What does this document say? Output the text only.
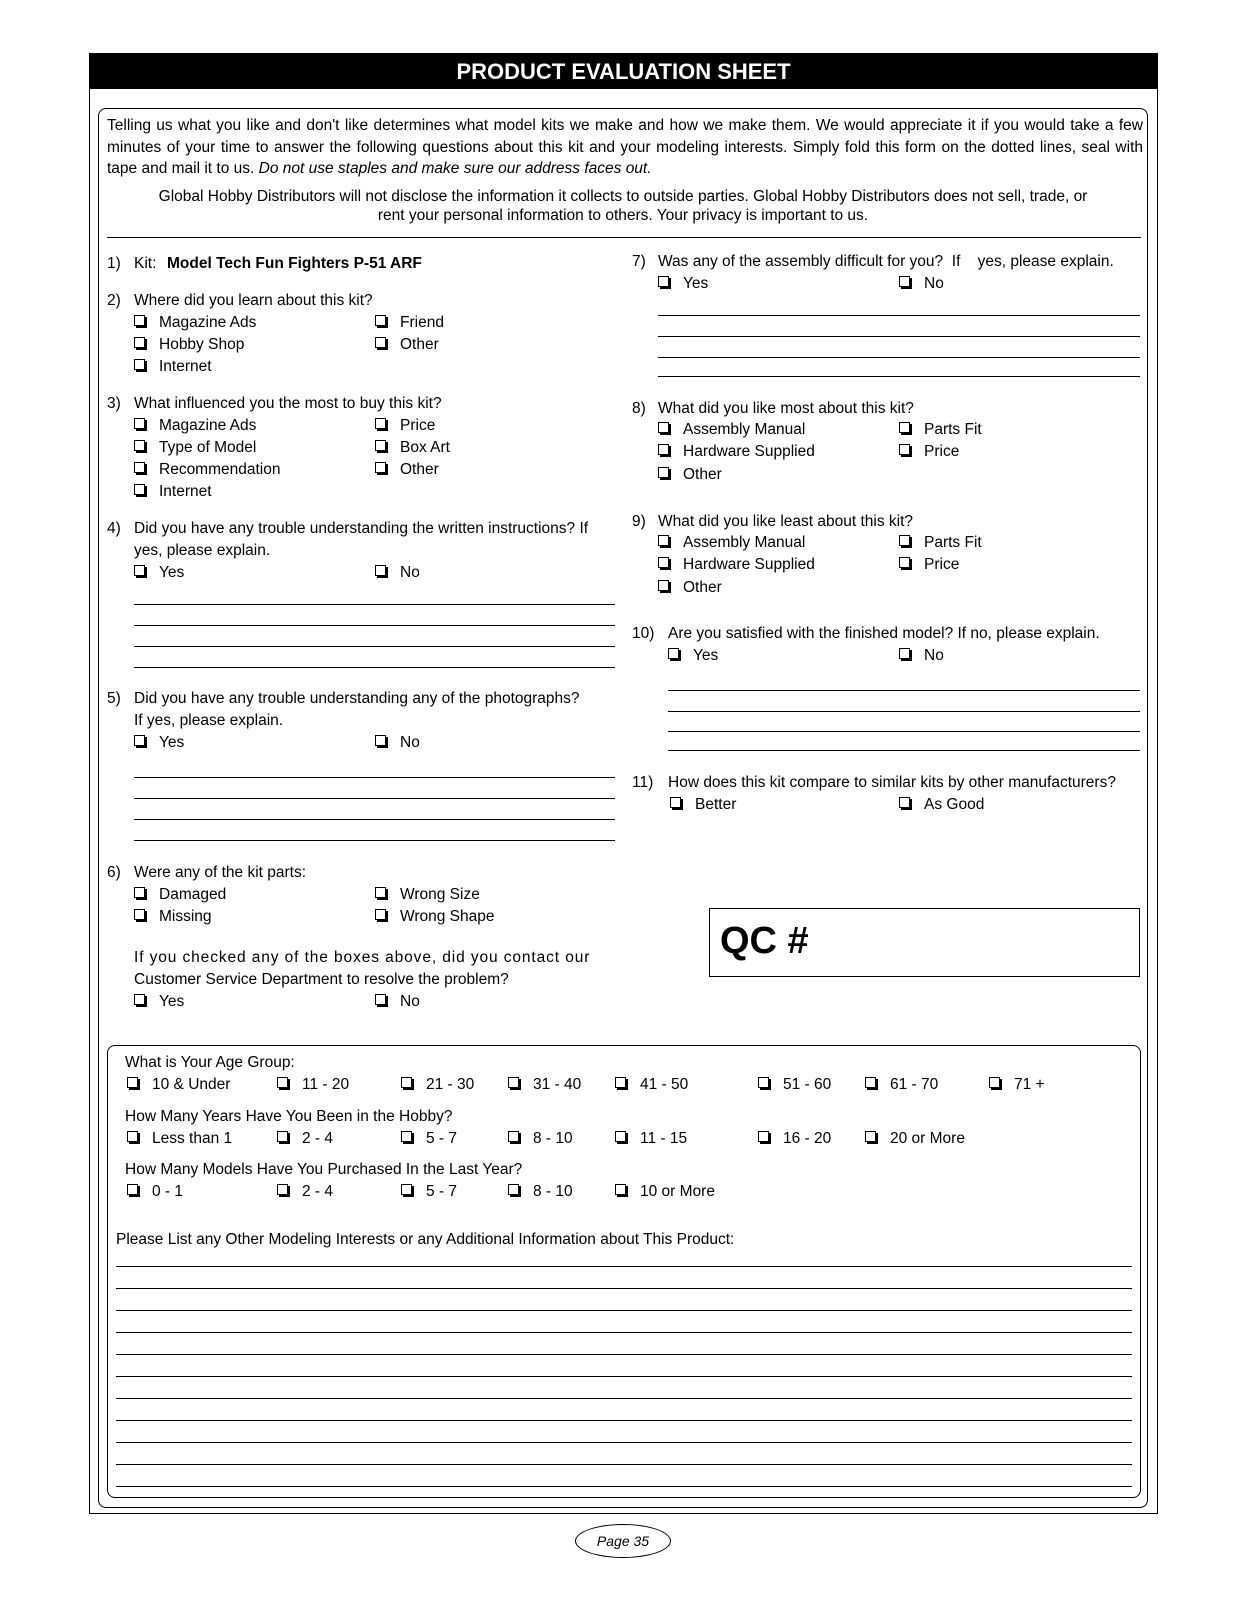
PRODUCT EVALUATION SHEET
Telling us what you like and don't like determines what model kits we make and how we make them. We would appreciate it if you would take a few minutes of your time to answer the following questions about this kit and your modeling interests. Simply fold this form on the dotted lines, seal with tape and mail it to us. Do not use staples and make sure our address faces out.
Global Hobby Distributors will not disclose the information it collects to outside parties. Global Hobby Distributors does not sell, trade, or rent your personal information to others. Your privacy is important to us.
1) Kit: Model Tech Fun Fighters P-51 ARF
2) Where did you learn about this kit?
Magazine Ads	Friend
Hobby Shop	Other
Internet
3) What influenced you the most to buy this kit?
Magazine Ads	Price
Type of Model	Box Art
Recommendation	Other
Internet
4) Did you have any trouble understanding the written instructions? If
yes, please explain.
Yes	No
5) Did you have any trouble understanding any of the photographs?
If yes, please explain.
Yes	No
6) Were any of the kit parts:
Damaged	Wrong Size
Missing	Wrong Shape
If you checked any of the boxes above, did you contact our
Customer Service Department to resolve the problem?
Yes	No
7) Was any of the assembly difficult for you?  If    yes, please explain.
Yes	No
8) What did you like most about this kit?
Assembly Manual	Parts Fit
Hardware Supplied	Price
Other
9) What did you like least about this kit?
Assembly Manual	Parts Fit
Hardware Supplied	Price
Other
10) Are you satisfied with the finished model? If no, please explain.
Yes	No
11) How does this kit compare to similar kits by other manufacturers?
Better	As Good
QC #
What is Your Age Group:
10 & Under	11 - 20	21 - 30	31 - 40	41 - 50	51 - 60	61 - 70	71 +
How Many Years Have You Been in the Hobby?
Less than 1	2 - 4	5 - 7	8 - 10	11 - 15	16 - 20	20 or More
How Many Models Have You Purchased In the Last Year?
0 - 1	2 - 4	5 - 7	8 - 10	10 or More
Please List any Other Modeling Interests or any Additional Information about This Product:
Page 35
